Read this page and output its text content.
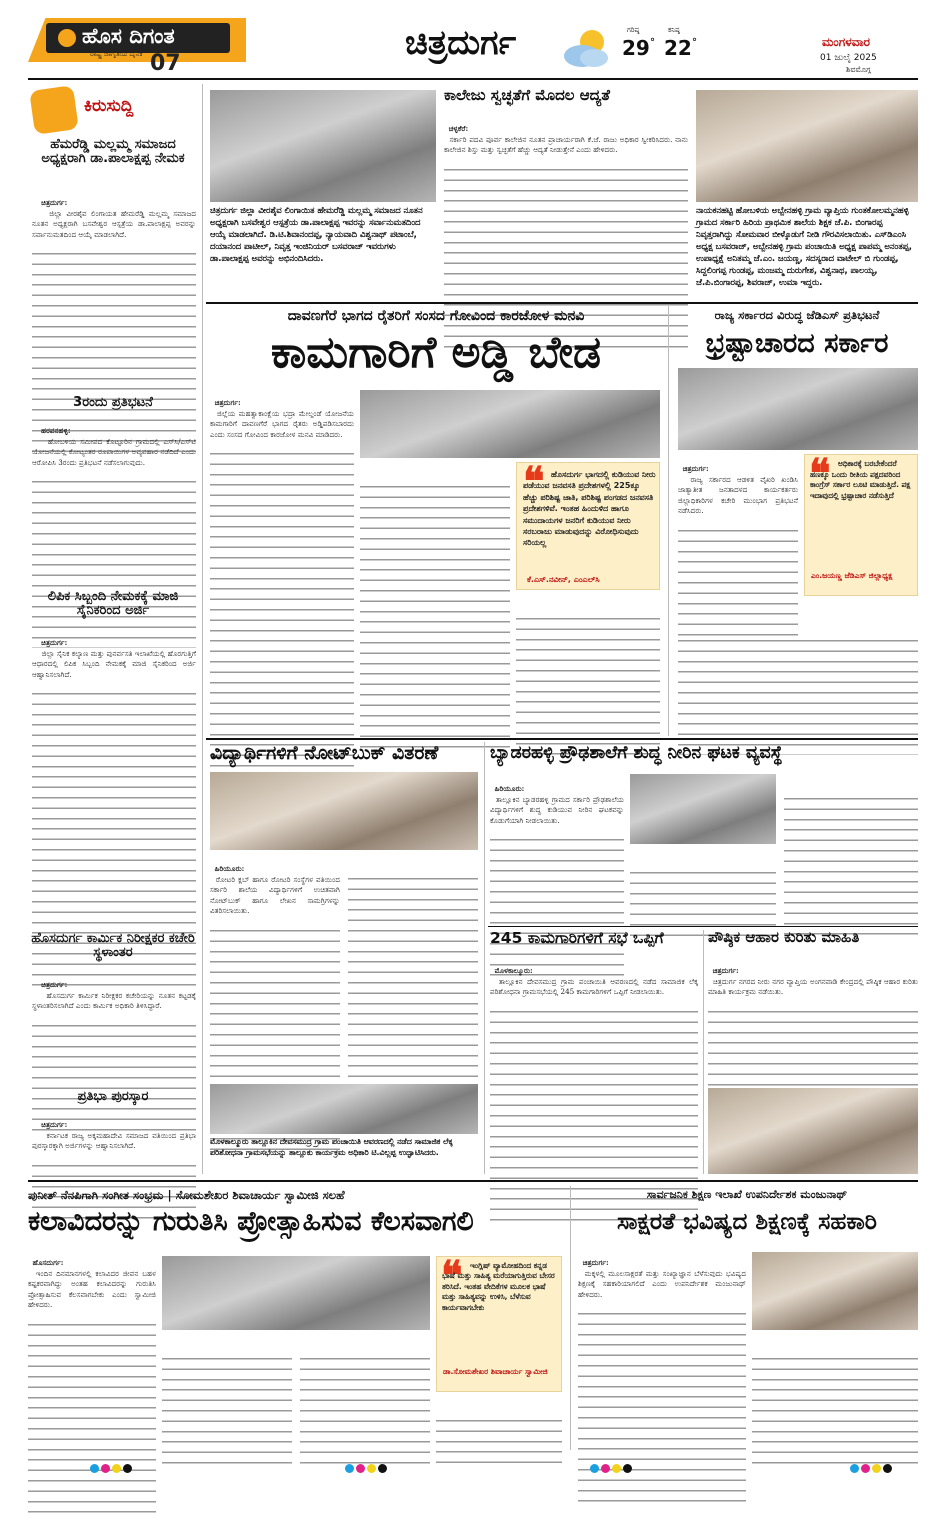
ಹೊಸ ದಿಗಂತ
ರಾಷ್ಟ್ರ ಜಾಗೃತಿಯ ದೈನಿಕ 07
ಚಿತ್ರದುರ್ಗ	ಗರಿಷ್ಠ
29 °
ಕನಿಷ್ಠ
22 °	ಮಂಗಳವಾರ
01 ಜುಲೈ 2025
ಶಿವಮೊಗ್ಗ
ಕಿರುಸುದ್ದಿ
ಹೆಮರೆಡ್ಡಿ ಮಲ್ಲಮ್ಮ ಸಮಾಜದ ಅಧ್ಯಕ್ಷರಾಗಿ ಡಾ.ಪಾಲಾಕ್ಷಪ್ಪ ನೇಮಕ

ಚಿತ್ರದುರ್ಗ:
ಜಿಲ್ಲಾ ವೀರಶೈವ ಲಿಂಗಾಯತ ಹೇಮರೆಡ್ಡಿ ಮಲ್ಲಮ್ಮ ಸಮಾಜದ ನೂತನ ಅಧ್ಯಕ್ಷರಾಗಿ ಬಸವೇಶ್ವರ ಆಸ್ಪತ್ರೆಯ ಡಾ.ಪಾಲಾಕ್ಷಪ್ಪ ಅವರನ್ನು ಸರ್ವಾನುಮತದಿಂದ ಆಯ್ಕೆ ಮಾಡಲಾಗಿದೆ.

3ರಂದು ಪ್ರತಿಭಟನೆ

ಹರಪನಹಳ್ಳಿ:
ಹೋಬಳಿಯ ಸಮೀಪದ ಕೊಟ್ಟೂರಿನ ಗ್ರಾಮದಲ್ಲಿ ಎಸ್‌ಸಿ/ಎಸ್‌ಟಿ ಯೋಜನೆಯಲ್ಲಿ ಕೋಟ್ಯಂತರ ರೂಪಾಯಿಗಳ ಅವ್ಯವಹಾರ ನಡೆದಿದೆ ಎಂದು ಆರೋಪಿಸಿ 3ರಂದು ಪ್ರತಿಭಟನೆ ನಡೆಸಲಾಗುವುದು.

ಲಿಪಿಕ ಸಿಬ್ಬಂದಿ ನೇಮಕಕ್ಕೆ ಮಾಜಿ ಸೈನಿಕರಿಂದ ಅರ್ಜಿ

ಚಿತ್ರದುರ್ಗ:
ಜಿಲ್ಲಾ ಸೈನಿಕ ಕಲ್ಯಾಣ ಮತ್ತು ಪುನರ್ವಸತಿ ಇಲಾಖೆಯಲ್ಲಿ ಹೊರಗುತ್ತಿಗೆ ಆಧಾರದಲ್ಲಿ ಲಿಪಿಕ ಸಿಬ್ಬಂದಿ ನೇಮಕಕ್ಕೆ ಮಾಜಿ ಸೈನಿಕರಿಂದ ಅರ್ಜಿ ಆಹ್ವಾನಿಸಲಾಗಿದೆ.

ಹೊಸದುರ್ಗ ಕಾರ್ಮಿಕ ನಿರೀಕ್ಷಕರ ಕಚೇರಿ ಸ್ಥಳಾಂತರ

ಚಿತ್ರದುರ್ಗ:
ಹೊಸದುರ್ಗ ಕಾರ್ಮಿಕ ನಿರೀಕ್ಷಕರ ಕಚೇರಿಯನ್ನು ನೂತನ ಕಟ್ಟಡಕ್ಕೆ ಸ್ಥಳಾಂತರಿಸಲಾಗಿದೆ ಎಂದು ಕಾರ್ಮಿಕ ಅಧಿಕಾರಿ ತಿಳಿಸಿದ್ದಾರೆ.

ಪ್ರತಿಭಾ ಪುರಸ್ಕಾರ

ಚಿತ್ರದುರ್ಗ:
ಕರ್ನಾಟಕ ರಾಜ್ಯ ಅಕ್ಕಮಹಾದೇವಿ ಸಮಾಜದ ವತಿಯಿಂದ ಪ್ರತಿಭಾ ಪುರಸ್ಕಾರಕ್ಕಾಗಿ ಅರ್ಜಿಗಳನ್ನು ಆಹ್ವಾನಿಸಲಾಗಿದೆ.

ಚಿತ್ರದುರ್ಗ ಜಿಲ್ಲಾ ವೀರಶೈವ ಲಿಂಗಾಯಿತ ಹೇಮರೆಡ್ಡಿ ಮಲ್ಲಮ್ಮ ಸಮಾಜದ ನೂತನ ಅಧ್ಯಕ್ಷರಾಗಿ ಬಸವೇಶ್ವರ ಆಸ್ಪತ್ರೆಯ ಡಾ.ಪಾಲಾಕ್ಷಪ್ಪ ಇವರನ್ನು ಸರ್ವಾನುಮತದಿಂದ ಆಯ್ಕೆ ಮಾಡಲಾಗಿದೆ. ಡಿ.ಟಿ.ಶಿವಾನಂದಪ್ಪ, ನ್ಯಾಯವಾದಿ ವಿಶ್ವನಾಥ್ ಪಟಾಂಬೆ, ದಯಾನಂದ ಪಾಟೀಲ್, ನಿವೃತ್ತ ಇಂಜಿನಿಯರ್ ಬಸವರಾಜ್ ಇವರುಗಳು ಡಾ.ಪಾಲಾಕ್ಷಪ್ಪ ಅವರನ್ನು ಅಭಿನಂದಿಸಿದರು.
ಕಾಲೇಜು ಸ್ವಚ್ಛತೆಗೆ ಮೊದಲ ಆದ್ಯತೆ

ಚಳ್ಳಕೆರೆ:
ಸರ್ಕಾರಿ ಪದವಿ ಪೂರ್ವ ಕಾಲೇಜಿನ ನೂತನ ಪ್ರಾಚಾರ್ಯರಾಗಿ ಕೆ.ಜೆ. ರಾಜು ಅಧಿಕಾರ ಸ್ವೀಕರಿಸಿದರು. ನಾನು ಕಾಲೇಜಿನ ಶಿಸ್ತು ಮತ್ತು ಸ್ವಚ್ಛತೆಗೆ ಹೆಚ್ಚು ಆದ್ಯತೆ ನೀಡುತ್ತೇನೆ ಎಂದು ಹೇಳಿದರು.

ನಾಯಕನಹಟ್ಟಿ ಹೋಬಳಿಯ ಅಬ್ಬೇನಹಳ್ಳಿ ಗ್ರಾಮ ವ್ಯಾಪ್ತಿಯ ಗುಂತಕೋಲಮ್ಮನಹಳ್ಳಿ ಗ್ರಾಮದ ಸರ್ಕಾರಿ ಹಿರಿಯ ಪ್ರಾಥಮಿಕ ಶಾಲೆಯ ಶಿಕ್ಷಕ ಜೆ.ಪಿ. ಬಿಂಗಾರಪ್ಪ ನಿವೃತ್ತರಾಗಿದ್ದು ಸೋಮವಾರ ಬೀಳ್ಕೊಡುಗೆ ನೀಡಿ ಗೌರವಿಸಲಾಯಿತು. ಎಸ್‌ಡಿಎಂಸಿ ಅಧ್ಯಕ್ಷ ಬಸವರಾಜ್, ಅಬ್ಬೇನಹಳ್ಳಿ ಗ್ರಾಮ ಪಂಚಾಯಿತಿ ಅಧ್ಯಕ್ಷ ಪಾಪಮ್ಮ ಅನಂತಪ್ಪ, ಉಪಾಧ್ಯಕ್ಷೆ ಅನಿತಮ್ಮ ಜೆ.ಎಂ. ಜಯಣ್ಣ, ಸದಸ್ಯರಾದ ವಾಟೇಲ್ ಬಿ ಗುಂಡಪ್ಪ, ಸಿದ್ದಲಿಂಗಪ್ಪ ಗುಂಡಪ್ಪ, ಮಂಜಮ್ಮ ದುರುಗೇಶ, ವಿಶ್ವನಾಥ, ಪಾಲಯ್ಯ, ಜೆ.ಪಿ.ಬಿಂಗಾರಪ್ಪ, ಶಿವರಾಜ್, ಉಮಾ ಇದ್ದರು.
ದಾವಣಗೆರೆ ಭಾಗದ ರೈತರಿಗೆ ಸಂಸದ ಗೋವಿಂದ ಕಾರಜೋಳ ಮನವಿ
ಕಾಮಗಾರಿಗೆ ಅಡ್ಡಿ ಬೇಡ

ಚಿತ್ರದುರ್ಗ:
ಜಿಲ್ಲೆಯ ಮಹತ್ವಾಕಾಂಕ್ಷೆಯ ಭದ್ರಾ ಮೇಲ್ದಂಡೆ ಯೋಜನೆಯ ಕಾಮಗಾರಿಗೆ ದಾವಣಗೆರೆ ಭಾಗದ ರೈತರು ಅಡ್ಡಿಪಡಿಸಬಾರದು ಎಂದು ಸಂಸದ ಗೋವಿಂದ ಕಾರಜೋಳ ಮನವಿ ಮಾಡಿದರು.

❝ ಹೊಸದುರ್ಗ ಭಾಗದಲ್ಲಿ ಕುಡಿಯುವ ನೀರು ಪಡೆಯುವ ಜನವಸತಿ ಪ್ರದೇಶಗಳಲ್ಲಿ 225ಕ್ಕೂ ಹೆಚ್ಚು ಪರಿಶಿಷ್ಟ ಜಾತಿ, ಪರಿಶಿಷ್ಟ ಪಂಗಡದ ಜನವಸತಿ ಪ್ರದೇಶಗಳಿವೆ. ಇಂತಹ ಹಿಂದುಳಿದ ಹಾಗೂ ಸಮುದಾಯಗಳ ಜನರಿಗೆ ಕುಡಿಯುವ ನೀರು ಸರಬರಾಜು ಮಾಡುವುದನ್ನು ವಿರೋಧಿಸುವುದು ಸರಿಯಲ್ಲ
ಕೆ.ಎಸ್.ನವೀನ್, ಎಂಎಲ್‌ಸಿ

ರಾಜ್ಯ ಸರ್ಕಾರದ ವಿರುದ್ಧ ಜೆಡಿಎಸ್ ಪ್ರತಿಭಟನೆ
ಭ್ರಷ್ಟಾಚಾರದ ಸರ್ಕಾರ

ಚಿತ್ರದುರ್ಗ:
ರಾಜ್ಯ ಸರ್ಕಾರದ ಆಡಳಿತ ವೈಖರಿ ಖಂಡಿಸಿ ಜಾತ್ಯಾತೀತ ಜನತಾದಳದ ಕಾರ್ಯಕರ್ತರು ಜಿಲ್ಲಾಧಿಕಾರಿಗಳ ಕಚೇರಿ ಮುಂಭಾಗ ಪ್ರತಿಭಟನೆ ನಡೆಸಿದರು.

❝	ಅಧಿಕಾರಕ್ಕೆ ಬರಬೇಕೆಂದರೆ ಹಣಕ್ಕೂ ಒಂದು ರೀತಿಯ ಪಕ್ಷದವರಿಂದ ಕಾಂಗ್ರೆಸ್ ಸರ್ಕಾರ ಲೂಟಿ ಮಾಡುತ್ತಿದೆ. ಪಕ್ಷ ಇದಾವುದಲ್ಲಿ ಭ್ರಷ್ಟಾಚಾರ ನಡೆಸುತ್ತಿದೆ
ಎಂ.ಜಯಣ್ಣ ಜೆಡಿಎಸ್ ಜಿಲ್ಲಾಧ್ಯಕ್ಷ

ವಿದ್ಯಾರ್ಥಿಗಳಿಗೆ ನೋಟ್‌ಬುಕ್ ವಿತರಣೆ

ಹಿರಿಯೂರು:
ರೋಟರಿ ಕ್ಲಬ್ ಹಾಗೂ ರೋಟರಿ ಸಂಸ್ಥೆಗಳ ವತಿಯಿಂದ ಸರ್ಕಾರಿ ಶಾಲೆಯ ವಿದ್ಯಾರ್ಥಿಗಳಿಗೆ ಉಚಿತವಾಗಿ ನೋಟ್‌ಬುಕ್ ಹಾಗೂ ಲೇಖನ ಸಾಮಗ್ರಿಗಳನ್ನು ವಿತರಿಸಲಾಯಿತು.

ಮೊಳಕಾಲ್ಮೂರು ತಾಲ್ಲೂಕಿನ ದೇವಸಮುದ್ರ ಗ್ರಾಮ ಪಂಚಾಯಿತಿ ಆವರಣದಲ್ಲಿ ನಡೆದ ಸಾಮಾಜಿಕ ಲೆಕ್ಕ ಪರಿಶೋಧನಾ ಗ್ರಾಮಸಭೆಯನ್ನು ತಾಲ್ಲೂಕು ಕಾರ್ಯಕ್ರಮ ಅಧಿಕಾರಿ ಟಿ.ವಿಲ್ಲಪ್ಪ ಉದ್ಘಾಟಿಸಿದರು.
ಬ್ಯಾಡರಹಳ್ಳಿ ಪ್ರೌಢಶಾಲೆಗೆ ಶುದ್ಧ ನೀರಿನ ಘಟಕ ವ್ಯವಸ್ಥೆ

ಹಿರಿಯೂರು:
ತಾಲ್ಲೂಕಿನ ಬ್ಯಾಡರಹಳ್ಳಿ ಗ್ರಾಮದ ಸರ್ಕಾರಿ ಪ್ರೌಢಶಾಲೆಯ ವಿದ್ಯಾರ್ಥಿಗಳಿಗೆ ಶುದ್ಧ ಕುಡಿಯುವ ನೀರಿನ ಘಟಕವನ್ನು ಕೊಡುಗೆಯಾಗಿ ನೀಡಲಾಯಿತು.

245 ಕಾಮಗಾರಿಗಳಿಗೆ ಸಭೆ ಒಪ್ಪಿಗೆ

ಮೊಳಕಾಲ್ಮೂರು:
ತಾಲ್ಲೂಕಿನ ದೇವಸಮುದ್ರ ಗ್ರಾಮ ಪಂಚಾಯಿತಿ ಆವರಣದಲ್ಲಿ ನಡೆದ ಸಾಮಾಜಿಕ ಲೆಕ್ಕ ಪರಿಶೋಧನಾ ಗ್ರಾಮಸಭೆಯಲ್ಲಿ 245 ಕಾಮಗಾರಿಗಳಿಗೆ ಒಪ್ಪಿಗೆ ನೀಡಲಾಯಿತು.

ಪೌಷ್ಠಿಕ ಆಹಾರ ಕುರಿತು ಮಾಹಿತಿ

ಚಿತ್ರದುರ್ಗ:
ಚಿತ್ರದುರ್ಗ ನಗರದ ನೀರು ನಗರ ವ್ಯಾಪ್ತಿಯ ಅಂಗನವಾಡಿ ಕೇಂದ್ರದಲ್ಲಿ ಪೌಷ್ಠಿಕ ಆಹಾರ ಕುರಿತು ಮಾಹಿತಿ ಕಾರ್ಯಕ್ರಮ ನಡೆಯಿತು.

ಪುನೀತ್ ನೆನಪಿಗಾಗಿ ಸಂಗೀತ ಸಂಭ್ರಮ | ಸೋಮಶೇಖರ ಶಿವಾಚಾರ್ಯ ಸ್ವಾಮೀಜಿ ಸಲಹೆ
ಕಲಾವಿದರನ್ನು ಗುರುತಿಸಿ ಪ್ರೋತ್ಸಾಹಿಸುವ ಕೆಲಸವಾಗಲಿ

ಹೊಸದುರ್ಗ:
ಇಂದಿನ ದಿನಮಾನಗಳಲ್ಲಿ ಕಲಾವಿದರ ಜೀವನ ಬಹಳ ಕಷ್ಟಕರವಾಗಿದ್ದು ಅಂತಹ ಕಲಾವಿದರನ್ನು ಗುರುತಿಸಿ ಪ್ರೋತ್ಸಾಹಿಸುವ ಕೆಲಸವಾಗಬೇಕು ಎಂದು ಸ್ವಾಮೀಜಿ ಹೇಳಿದರು.

❝	ಇಂಗ್ಲಿಷ್ ವ್ಯಾಮೋಹದಿಂದ ಕನ್ನಡ ಭಾಷೆ ಮತ್ತು ಸಾಹಿತ್ಯ ಮರೆಯಾಗುತ್ತಿರುವ ಬೇಸರ ತರಿಸಿದೆ. ಇಂತಹ ವೇದಿಕೆಗಳ ಮೂಲಕ ಭಾಷೆ ಮತ್ತು ಸಾಹಿತ್ಯವನ್ನು ಉಳಿಸಿ, ಬೆಳೆಸುವ ಕಾರ್ಯವಾಗಬೇಕು
ಡಾ.ಸೋಮಶೇಖರ ಶಿವಾಚಾರ್ಯ ಸ್ವಾಮೀಜಿ

ಸಾರ್ವಜನಿಕ ಶಿಕ್ಷಣ ಇಲಾಖೆ ಉಪನಿರ್ದೇಶಕ ಮಂಜುನಾಥ್
ಸಾಕ್ಷರತೆ ಭವಿಷ್ಯದ ಶಿಕ್ಷಣಕ್ಕೆ ಸಹಕಾರಿ

ಚಿತ್ರದುರ್ಗ:
ಮಕ್ಕಳಲ್ಲಿ ಮೂಲಸಾಕ್ಷರತೆ ಮತ್ತು ಸಂಖ್ಯಾಜ್ಞಾನ ಬೆಳೆಸುವುದು ಭವಿಷ್ಯದ ಶಿಕ್ಷಣಕ್ಕೆ ಸಹಕಾರಿಯಾಗಲಿದೆ ಎಂದು ಉಪನಿರ್ದೇಶಕ ಮಂಜುನಾಥ್ ಹೇಳಿದರು.
